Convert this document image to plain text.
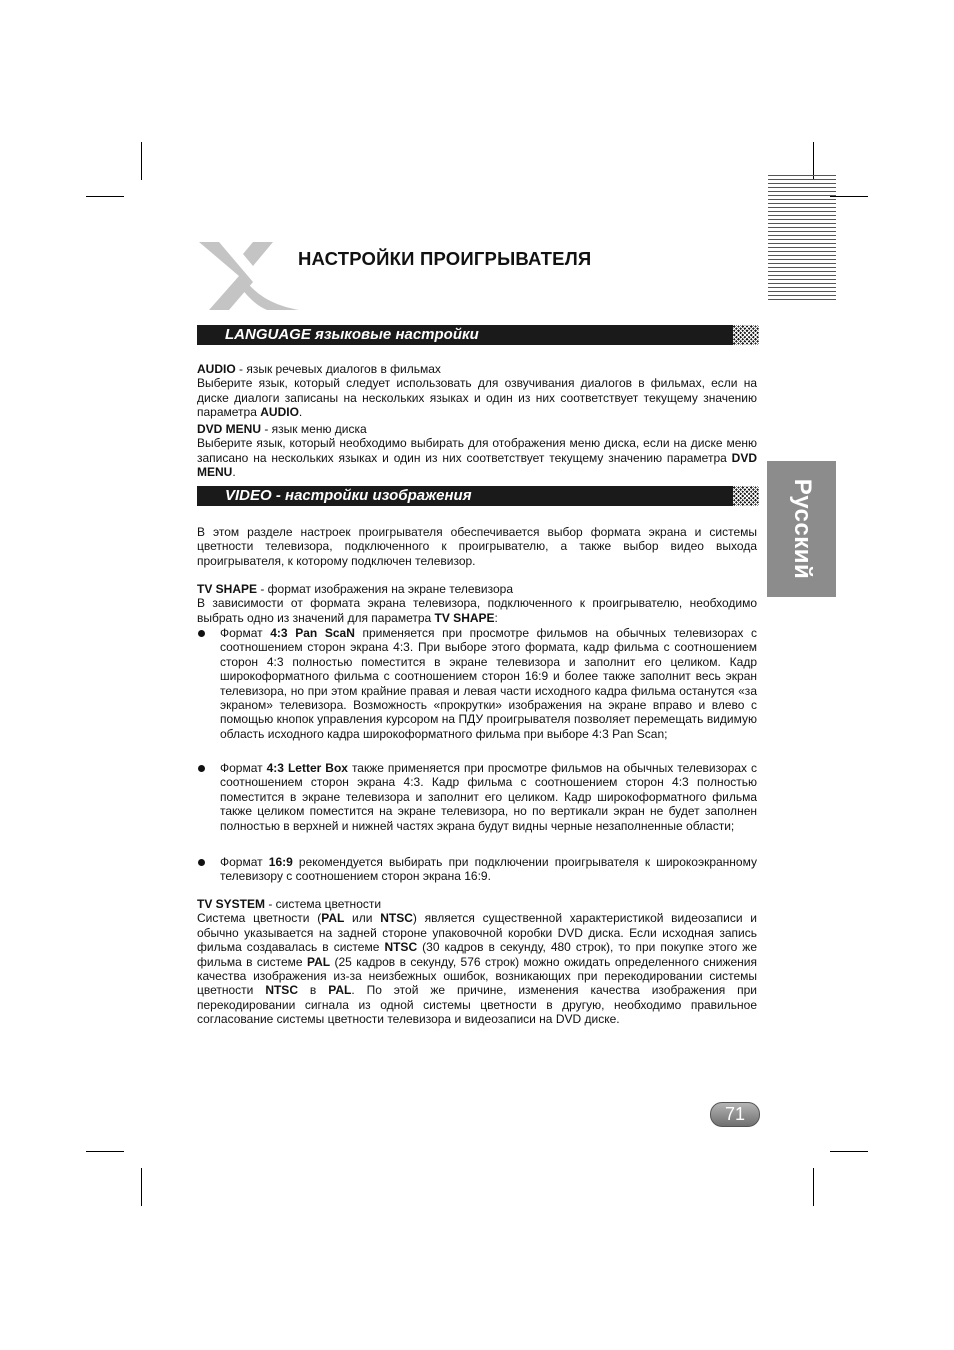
НАСТРОЙКИ ПРОИГРЫВАТЕЛЯ
LANGUAGE языковые настройки

AUDIO - язык речевых диалогов в фильмах

Выберите язык, который следует использовать для озвучивания диалогов в фильмах, если на диске диалоги записаны на нескольких языках и один из них соответствует текущему значению параметра AUDIO.

DVD MENU - язык меню диска

Выберите язык, который необходимо выбирать для отображения меню диска, если на диске меню записано на нескольких языках и один из них соответствует текущему значению параметра DVD MENU.

VIDEO - настройки изображения

В этом разделе настроек проигрывателя обеспечивается выбор формата экрана и системы цветности телевизора, подключенного к проигрывателю, а также выбор видео выхода проигрывателя, к которому подключен телевизор.

TV SHAPE - формат изображения на экране телевизора

В зависимости от формата экрана телевизора, подключенного к проигрывателю, необходимо выбрать одно из значений для параметра TV SHAPE:

Формат 4:3 Pan ScaN применяется при просмотре фильмов на обычных телевизорах с соотношением сторон экрана 4:3. При выборе этого формата, кадр фильма с соотношением сторон 4:3 полностью поместится в экране телевизора и заполнит его целиком. Кадр широкоформатного фильма с соотношением сторон 16:9 и более также заполнит весь экран телевизора, но при этом крайние правая и левая части исходного кадра фильма останутся «за экраном» телевизора. Возможность «прокрутки» изображения на экране вправо и влево с помощью кнопок управления курсором на ПДУ проигрывателя позволяет перемещать видимую область исходного кадра широкоформатного фильма при выборе 4:3 Pan Scan;
Формат 4:3 Letter Box также применяется при просмотре фильмов на обычных телевизорах с соотношением сторон экрана 4:3. Кадр фильма с соотношением сторон 4:3 полностью поместится в экране телевизора и заполнит его целиком. Кадр широкоформатного фильма также целиком поместится на экране телевизора, но по вертикали экран не будет заполнен полностью в верхней и нижней частях экрана будут видны черные незаполненные области;
Формат 16:9 рекомендуется выбирать при подключении проигрывателя к широкоэкранному телевизору с соотношением сторон экрана 16:9.

TV SYSTEM - система цветности

Система цветности (PAL или NTSC) является существенной характеристикой видеозаписи и обычно указывается на задней стороне упаковочной коробки DVD диска. Если исходная запись фильма создавалась в системе NTSC (30 кадров в секунду, 480 строк), то при покупке этого же фильма в системе PAL (25 кадров в секунду, 576 строк) можно ожидать определенного снижения качества изображения из-за неизбежных ошибок, возникающих при перекодировании системы цветности NTSC в PAL. По этой же причине, изменения качества изображения при перекодировании сигнала из одной системы цветности в другую, необходимо правильное согласование системы цветности телевизора и видеозаписи на DVD диске.

Русский
71
